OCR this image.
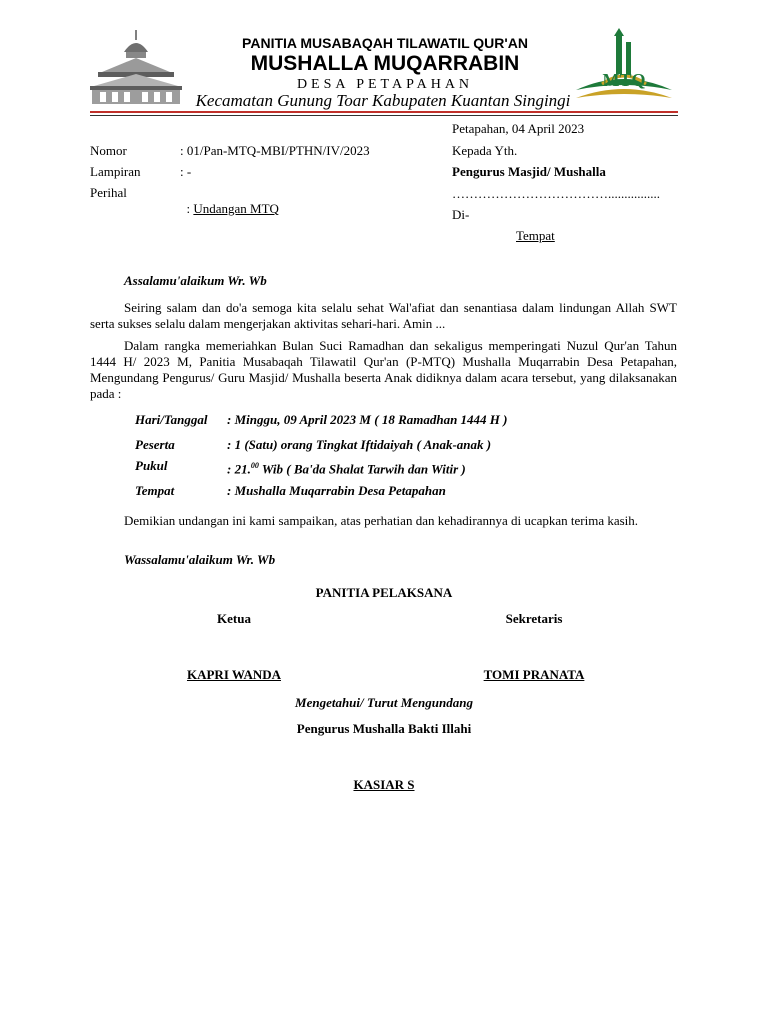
MTQ
PANITIA MUSABAQAH TILAWATIL QUR'AN
MUSHALLA MUQARRABIN
DESA PETAPAHAN
Kecamatan Gunung Toar Kabupaten Kuantan Singingi
Petapahan, 04 April 2023
Nomor	: 01/Pan-MTQ-MBI/PTHN/IV/2023
Lampiran	: -
Perihal

: Undangan MTQ

Kepada Yth.
Pengurus Masjid/ Mushalla
………………………………................
Di-
Tempat
Assalamu'alaikum Wr. Wb
Seiring salam dan do'a semoga kita selalu sehat Wal'afiat dan senantiasa dalam lindungan Allah SWT serta sukses selalu dalam mengerjakan aktivitas sehari-hari. Amin ...
Dalam rangka memeriahkan Bulan Suci Ramadhan dan sekaligus memperingati Nuzul Qur'an Tahun 1444 H/ 2023 M, Panitia Musabaqah Tilawatil Qur'an (P-MTQ) Mushalla Muqarrabin Desa Petapahan, Mengundang Pengurus/ Guru Masjid/ Mushalla beserta Anak didiknya dalam acara tersebut, yang dilaksanakan pada :
Hari/Tanggal : Minggu, 09 April 2023 M ( 18 Ramadhan 1444 H )
Peserta	: 1 (Satu) orang Tingkat Iftidaiyah ( Anak-anak )
Pukul	: 21.00 Wib ( Ba'da Shalat Tarwih dan Witir )
Tempat	: Mushalla Muqarrabin Desa Petapahan
Demikian undangan ini kami sampaikan, atas perhatian dan kehadirannya di ucapkan terima kasih.
Wassalamu'alaikum Wr. Wb
PANITIA PELAKSANA
Ketua	Sekretaris
KAPRI WANDA	TOMI PRANATA
Mengetahui/ Turut Mengundang
Pengurus Mushalla Bakti Illahi
KASIAR S
